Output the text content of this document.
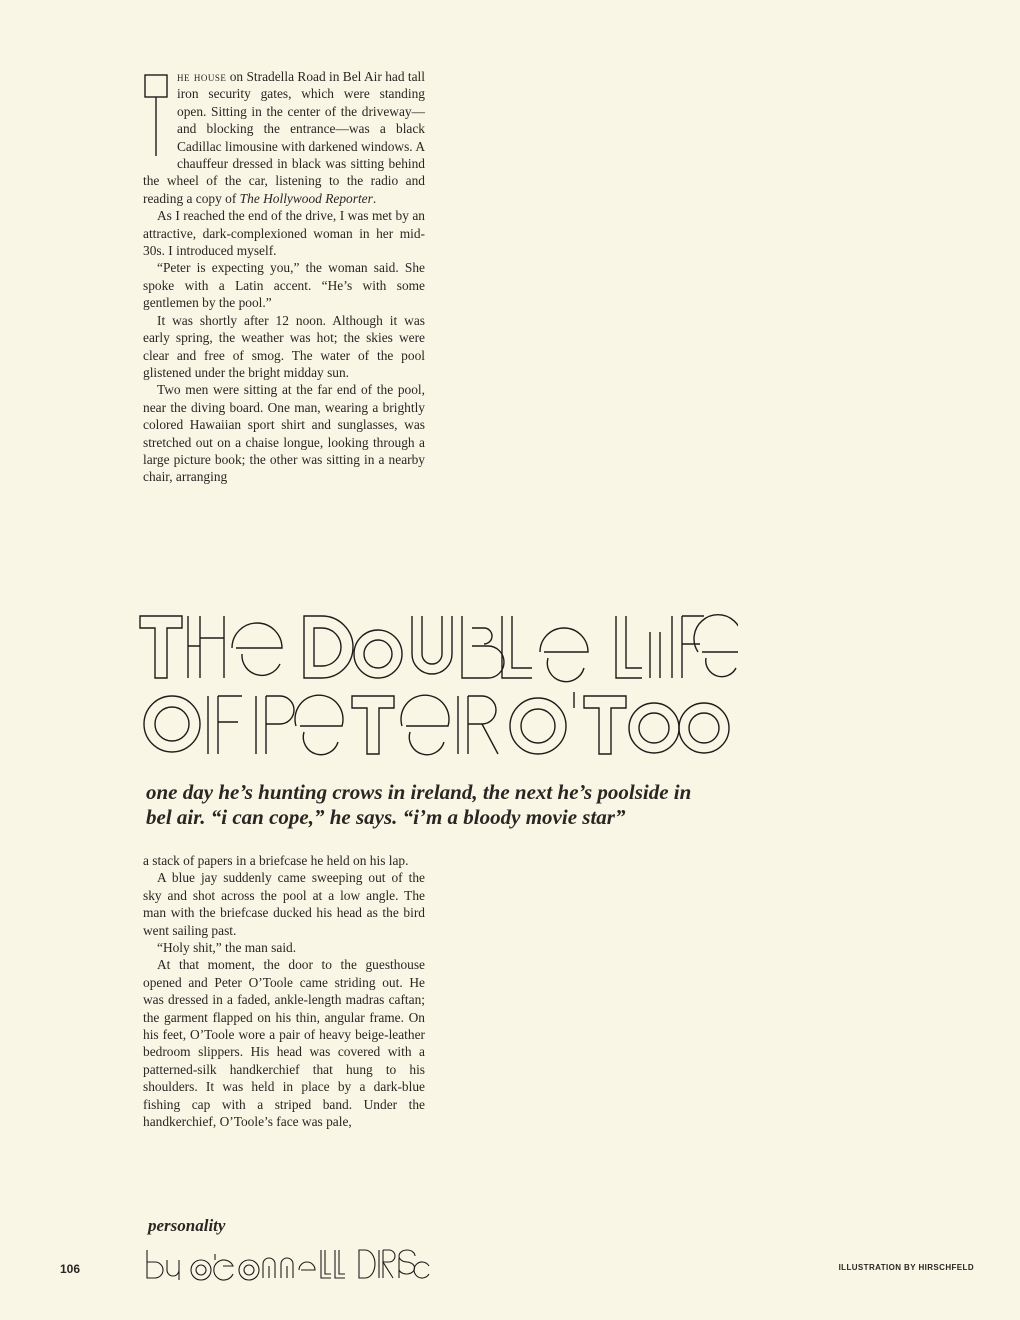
he house on Stradella Road in Bel Air had tall iron security gates, which were standing open. Sitting in the center of the driveway—and blocking the entrance—was a black Cadillac limousine with darkened windows. A chauffeur dressed in black was sitting behind the wheel of the car, listening to the radio and reading a copy of The Hollywood Reporter.

As I reached the end of the drive, I was met by an attractive, dark-complexioned woman in her mid-30s. I introduced myself.

“Peter is expecting you,” the woman said. She spoke with a Latin accent. “He’s with some gentlemen by the pool.”

It was shortly after 12 noon. Although it was early spring, the weather was hot; the skies were clear and free of smog. The water of the pool glistened under the bright midday sun.

Two men were sitting at the far end of the pool, near the diving board. One man, wearing a brightly colored Hawaiian sport shirt and sunglasses, was stretched out on a chaise longue, looking through a large picture book; the other was sitting in a nearby chair, arranging

one day he’s hunting crows in ireland, the next he’s poolside in
bel air. “i can cope,” he says. “i’m a bloody movie star”

a stack of papers in a briefcase he held on his lap.

A blue jay suddenly came sweeping out of the sky and shot across the pool at a low angle. The man with the briefcase ducked his head as the bird went sailing past.

“Holy shit,” the man said.

At that moment, the door to the guesthouse opened and Peter O’Toole came striding out. He was dressed in a faded, ankle-length madras caftan; the garment flapped on his thin, angular frame. On his feet, O’Toole wore a pair of heavy beige-leather bedroom slippers. His head was covered with a patterned-silk handkerchief that hung to his shoulders. It was held in place by a dark-blue fishing cap with a striped band. Under the handkerchief, O’Toole’s face was pale,

personality
106	ILLUSTRATION BY HIRSCHFELD
